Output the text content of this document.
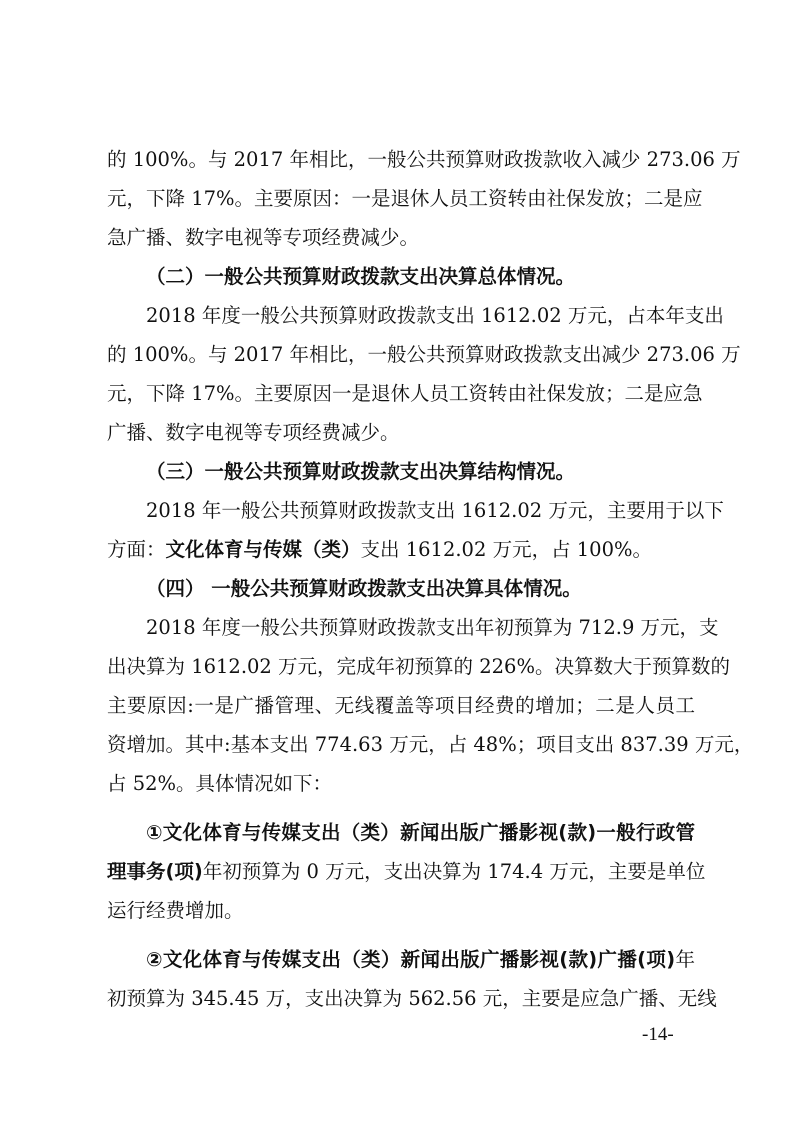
的 100%。与 2017 年相比，一般公共预算财政拨款收入减少 273.06 万
元，下降 17%。主要原因：一是退休人员工资转由社保发放；二是应
急广播、数字电视等专项经费减少。
（二）一般公共预算财政拨款支出决算总体情况。
2018 年度一般公共预算财政拨款支出 1612.02 万元，占本年支出
的 100%。与 2017 年相比，一般公共预算财政拨款支出减少 273.06 万
元，下降 17%。主要原因一是退休人员工资转由社保发放；二是应急
广播、数字电视等专项经费减少。
（三）一般公共预算财政拨款支出决算结构情况。
2018 年一般公共预算财政拨款支出 1612.02 万元，主要用于以下
方面：文化体育与传媒（类）支出 1612.02 万元，占 100%。
（四） 一般公共预算财政拨款支出决算具体情况。
2018 年度一般公共预算财政拨款支出年初预算为 712.9 万元，支
出决算为 1612.02 万元，完成年初预算的 226%。决算数大于预算数的
主要原因:一是广播管理、无线覆盖等项目经费的增加；二是人员工
资增加。其中:基本支出 774.63 万元，占 48%；项目支出 837.39 万元，
占 52%。具体情况如下：
①文化体育与传媒支出（类）新闻出版广播影视(款)一般行政管
理事务(项)年初预算为 0 万元，支出决算为 174.4 万元，主要是单位
运行经费增加。
②文化体育与传媒支出（类）新闻出版广播影视(款)广播(项)年
初预算为 345.45 万，支出决算为 562.56 元，主要是应急广播、无线
-14-
